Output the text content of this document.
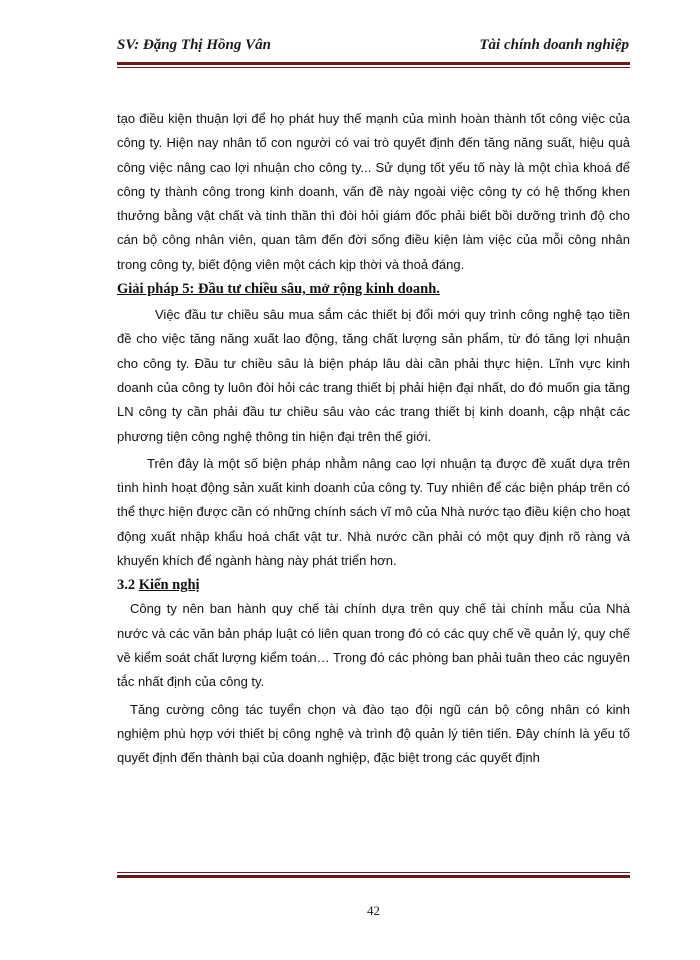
SV: Đặng Thị Hồng Vân	Tài chính doanh nghiệp

tạo điều kiện thuận lợi để họ phát huy thế mạnh của mình hoàn thành tốt công việc của công ty. Hiện nay nhân tố con người có vai trò quyết định đến tăng năng suất, hiệu quả công việc nâng cao lợi nhuận cho công ty... Sử dụng tốt yếu tố này là một chìa khoá để công ty thành công trong kinh doanh, vấn đề này ngoài việc công ty có hệ thống khen thưởng bằng vật chất và tinh thần thì đòi hỏi giám đốc phải biết bồi dưỡng trình độ cho cán bộ công nhân viên, quan tâm đến đời sống điều kiện làm việc của mỗi công nhân trong công ty, biết động viên một cách kịp thời và thoả đáng.

Giải pháp 5: Đầu tư chiều sâu, mở rộng kinh doanh.

Việc đầu tư chiều sâu mua sắm các thiết bị đổi mới quy trình công nghệ tạo tiền đề cho việc tăng năng xuất lao động, tăng chất lượng sản phẩm, từ đó tăng lợi nhuận cho công ty. Đầu tư chiều sâu là biện pháp lâu dài cần phải thực hiện. Lĩnh vực kinh doanh của công ty luôn đòi hỏi các trang thiết bị phải hiện đại nhất, do đó muốn gia tăng LN công ty cần phải đầu tư chiều sâu vào các trang thiết bị kinh doanh, cập nhật các phương tiện công nghệ thông tin hiện đại trên thế giới.

Trên đây là một số biện pháp nhằm nâng cao lợi nhuận tạ được đề xuất dựa trên tình hình hoạt động sản xuất kinh doanh của công ty. Tuy nhiên để các biện pháp trên có thể thực hiện được cần có những chính sách vĩ mô của Nhà nước tạo điều kiện cho hoạt động xuất nhập khẩu hoá chất vật tư. Nhà nước cần phải có một quy định rõ ràng và khuyến khích để ngành hàng này phát triển hơn.

3.2 Kiến nghị

Công ty nên ban hành quy chế tài chính dựa trên quy chế tài chính mẫu của Nhà nước và các văn bản pháp luật có liên quan trong đó có các quy chế về quản lý, quy chế về kiểm soát chất lượng kiểm toán… Trong đó các phòng ban phải tuân theo các nguyên tắc nhất định của công ty.

Tăng cường công tác tuyển chọn và đào tạo đội ngũ cán bộ công nhân có kinh nghiệm phù hợp với thiết bị công nghệ và trình độ quản lý tiên tiến. Đây chính là yếu tố quyết định đến thành bại của doanh nghiệp, đặc biệt trong các quyết định

42
